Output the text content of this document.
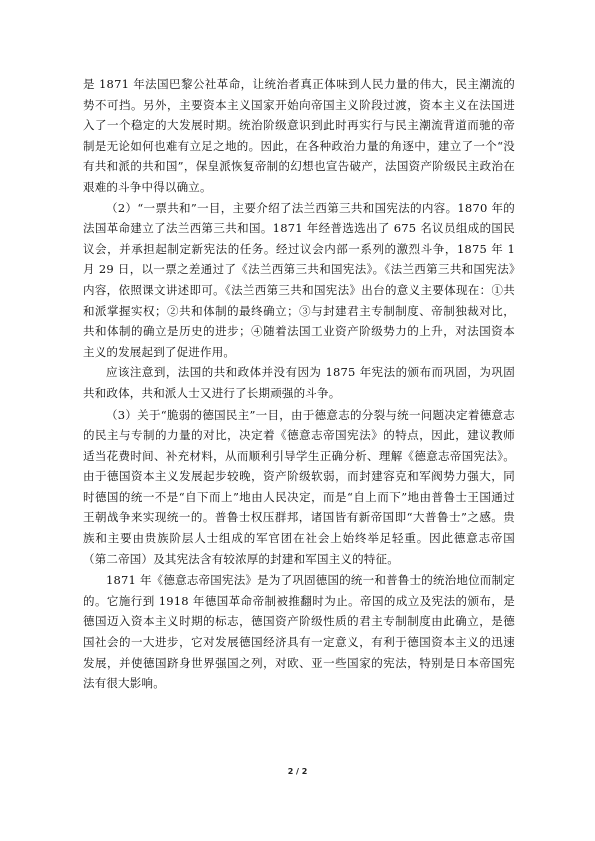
是 1871 年法国巴黎公社革命，让统治者真正体味到人民力量的伟大，民主潮流的势不可挡。另外，主要资本主义国家开始向帝国主义阶段过渡，资本主义在法国进入了一个稳定的大发展时期。统治阶级意识到此时再实行与民主潮流背道而驰的帝制是无论如何也难有立足之地的。因此，在各种政治力量的角逐中，建立了一个“没有共和派的共和国”，保皇派恢复帝制的幻想也宣告破产，法国资产阶级民主政治在艰难的斗争中得以确立。

（2）“一票共和”一目，主要介绍了法兰西第三共和国宪法的内容。1870 年的法国革命建立了法兰西第三共和国。1871 年经普选选出了 675 名议员组成的国民议会，并承担起制定新宪法的任务。经过议会内部一系列的激烈斗争，1875 年 1 月 29 日，以一票之差通过了《法兰西第三共和国宪法》。《法兰西第三共和国宪法》内容，依照课文讲述即可。《法兰西第三共和国宪法》出台的意义主要体现在：①共和派掌握实权；②共和体制的最终确立；③与封建君主专制制度、帝制独裁对比，共和体制的确立是历史的进步；④随着法国工业资产阶级势力的上升，对法国资本主义的发展起到了促进作用。

应该注意到，法国的共和政体并没有因为 1875 年宪法的颁布而巩固，为巩固共和政体，共和派人士又进行了长期顽强的斗争。

（3）关于“脆弱的德国民主”一目，由于德意志的分裂与统一问题决定着德意志的民主与专制的力量的对比，决定着《德意志帝国宪法》的特点，因此，建议教师适当花费时间、补充材料，从而顺利引导学生正确分析、理解《德意志帝国宪法》。由于德国资本主义发展起步较晚，资产阶级软弱，而封建容克和军阀势力强大，同时德国的统一不是“自下而上”地由人民决定，而是“自上而下”地由普鲁士王国通过王朝战争来实现统一的。普鲁士权压群邦，诸国皆有新帝国即“大普鲁士”之感。贵族和主要由贵族阶层人士组成的军官团在社会上始终举足轻重。因此德意志帝国（第二帝国）及其宪法含有较浓厚的封建和军国主义的特征。

1871 年《德意志帝国宪法》是为了巩固德国的统一和普鲁士的统治地位而制定的。它施行到 1918 年德国革命帝制被推翻时为止。帝国的成立及宪法的颁布，是德国迈入资本主义时期的标志，德国资产阶级性质的君主专制制度由此确立，是德国社会的一大进步，它对发展德国经济具有一定意义，有利于德国资本主义的迅速发展，并使德国跻身世界强国之列，对欧、亚一些国家的宪法，特别是日本帝国宪法有很大影响。

2 / 2
